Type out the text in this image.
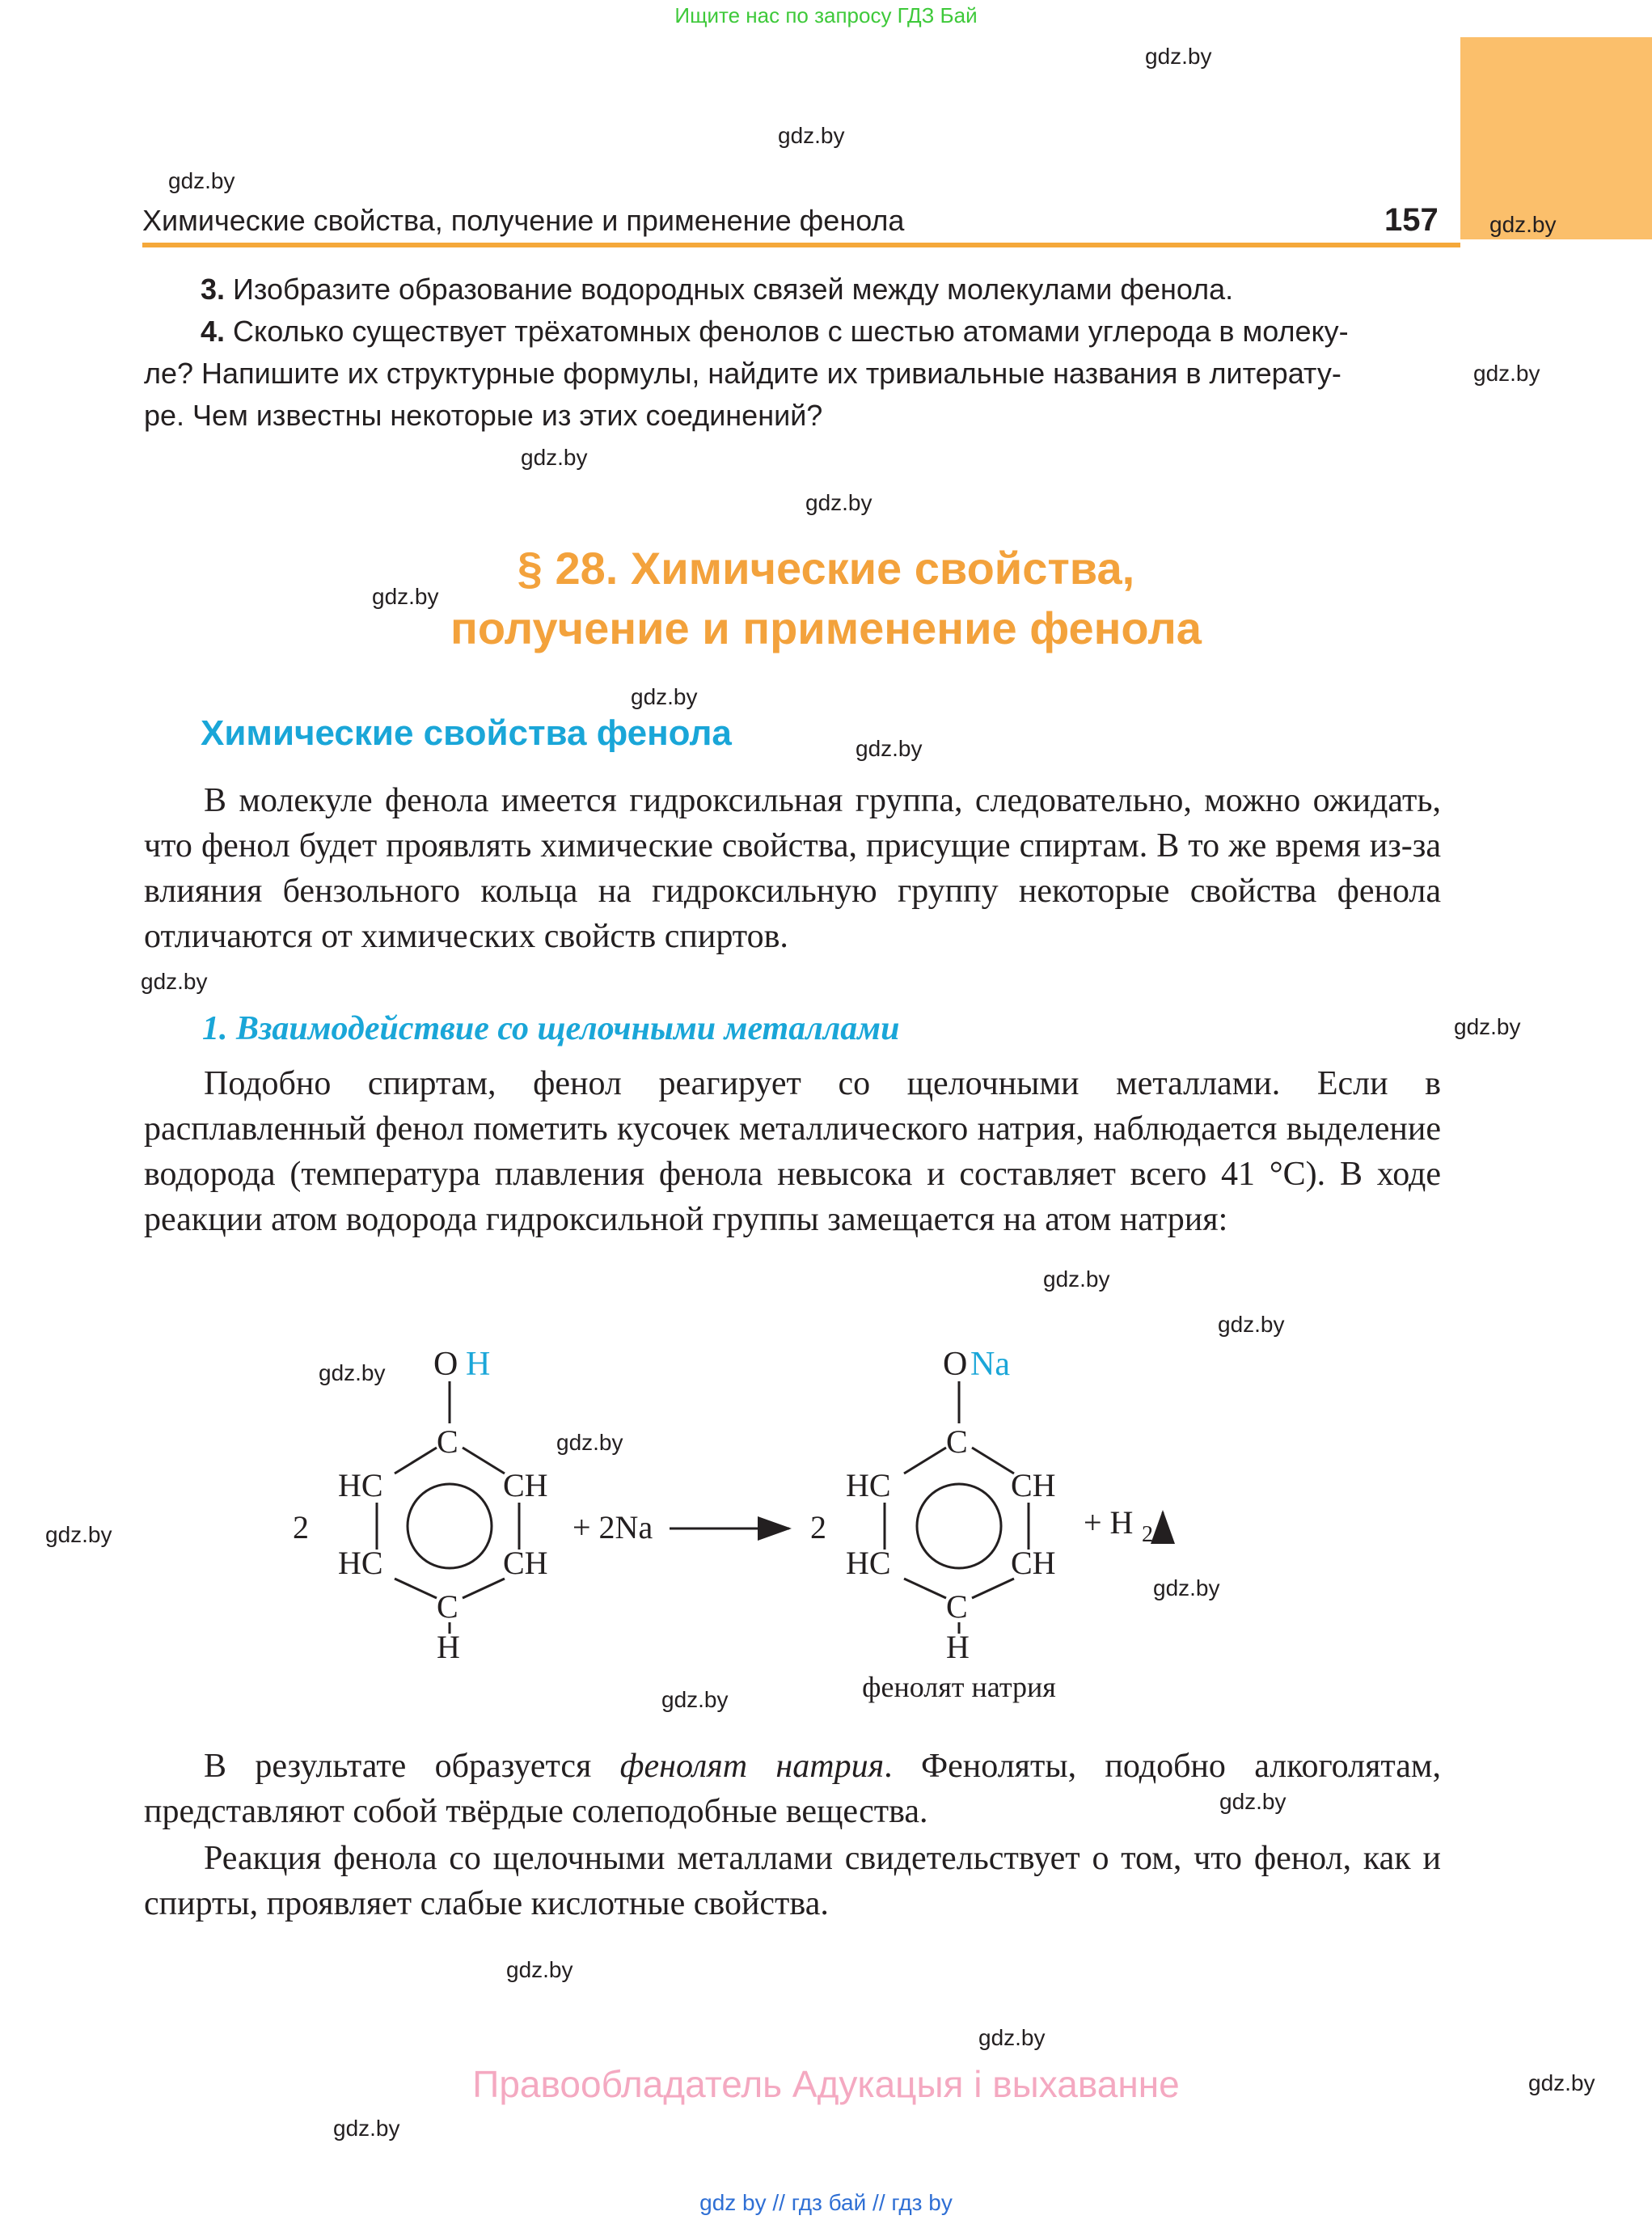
Ищите нас по запросу ГДЗ Бай
Химические свойства, получение и применение фенола	157
3. Изобразите образование водородных связей между молекулами фенола.
4. Сколько существует трёхатомных фенолов с шестью атомами углерода в молеку-
ле? Напишите их структурные формулы, найдите их тривиальные названия в литерату-
ре. Чем известны некоторые из этих соединений?
§ 28. Химические свойства,
получение и применение фенола
Химические свойства фенола
В молекуле фенола имеется гидроксильная группа, следовательно, можно ожидать, что фенол будет проявлять химические свойства, присущие спиртам. В то же время из-за влияния бензольного кольца на гидроксильную группу некоторые свойства фенола отличаются от химических свойств спиртов.
1. Взаимодействие со щелочными металлами
Подобно спиртам, фенол реагирует со щелочными металлами. Если в расплавленный фенол пометить кусочек металлического натрия, наблюдается выделение водорода (температура плавления фенола невысока и составляет всего 41 °C). В ходе реакции атом водорода гидроксильной группы замещается на атом натрия:
2
O H
C
HC	CH
HC	CH
C
H
+ 2Na	2
O Na
C
HC	CH
HC	CH
C
H
+ H 2
фенолят натрия
В результате образуется фенолят натрия. Феноляты, подобно алкоголятам, представляют собой твёрдые солеподобные вещества.
Реакция фенола со щелочными металлами свидетельствует о том, что фенол, как и спирты, проявляет слабые кислотные свойства.
Правообладатель Адукацыя і выхаванне
gdz by // гдз бай // гдз by
gdz.by
gdz.by
gdz.by
gdz.by
gdz.by
gdz.by
gdz.by
gdz.by
gdz.by
gdz.by
gdz.by
gdz.by
gdz.by
gdz.by
gdz.by
gdz.by
gdz.by
gdz.by
gdz.by
gdz.by
gdz.by
gdz.by
gdz.by
gdz.by
